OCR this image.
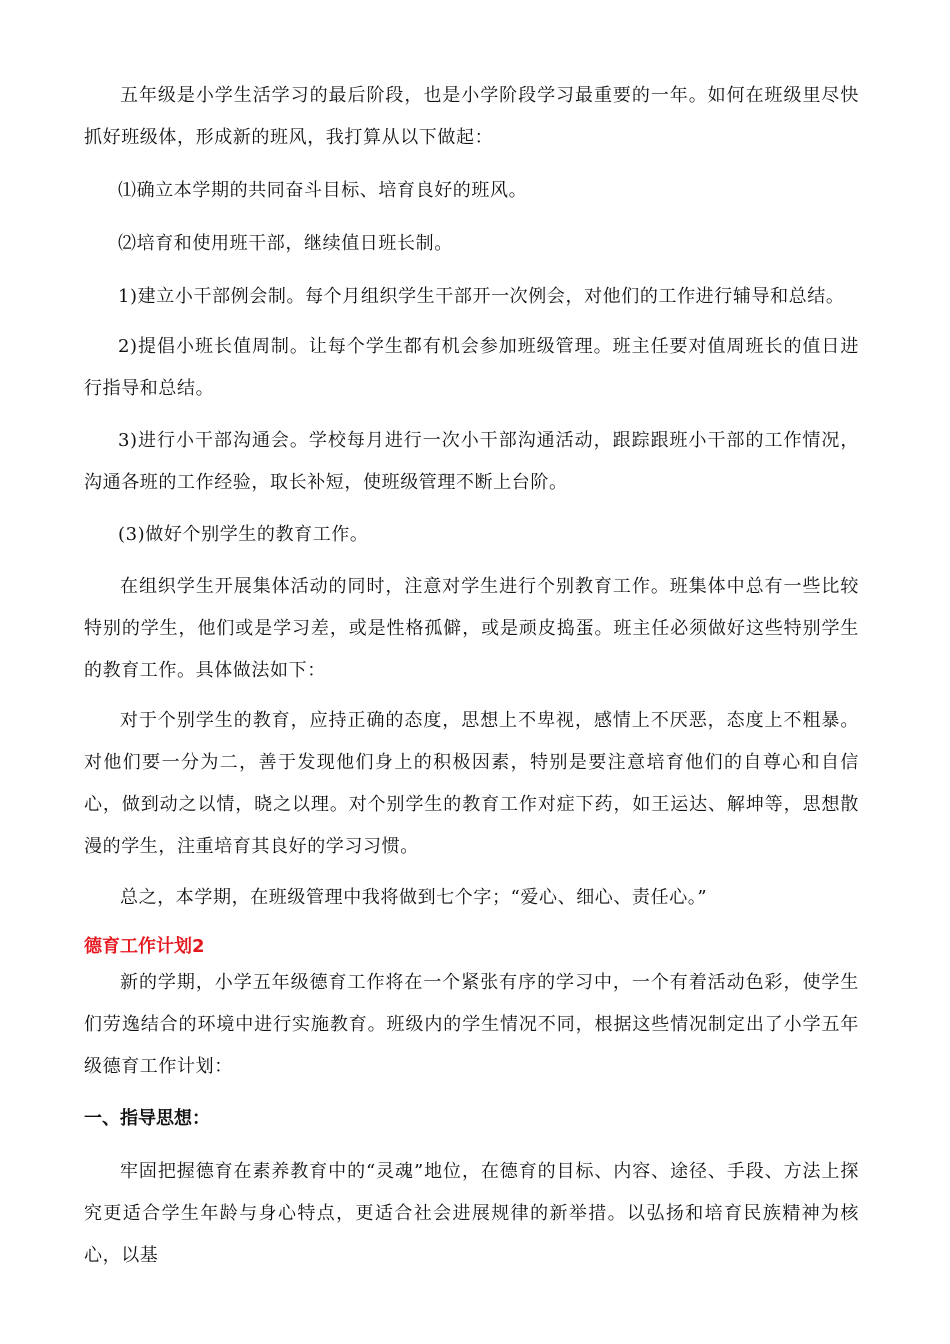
五年级是小学生活学习的最后阶段，也是小学阶段学习最重要的一年。如何在班级里尽快抓好班级体，形成新的班风，我打算从以下做起：

⑴确立本学期的共同奋斗目标、培育良好的班风。

⑵培育和使用班干部，继续值日班长制。

1)建立小干部例会制。每个月组织学生干部开一次例会，对他们的工作进行辅导和总结。

2)提倡小班长值周制。让每个学生都有机会参加班级管理。班主任要对值周班长的值日进行指导和总结。

3)进行小干部沟通会。学校每月进行一次小干部沟通活动，跟踪跟班小干部的工作情况，沟通各班的工作经验，取长补短，使班级管理不断上台阶。

(3)做好个别学生的教育工作。

在组织学生开展集体活动的同时，注意对学生进行个别教育工作。班集体中总有一些比较特别的学生，他们或是学习差，或是性格孤僻，或是顽皮捣蛋。班主任必须做好这些特别学生的教育工作。具体做法如下：

对于个别学生的教育，应持正确的态度，思想上不卑视，感情上不厌恶，态度上不粗暴。对他们要一分为二，善于发现他们身上的积极因素，特别是要注意培育他们的自尊心和自信心，做到动之以情，晓之以理。对个别学生的教育工作对症下药，如王运达、解坤等，思想散漫的学生，注重培育其良好的学习习惯。

总之，本学期，在班级管理中我将做到七个字；“爱心、细心、责任心。”

德育工作计划2

新的学期，小学五年级德育工作将在一个紧张有序的学习中，一个有着活动色彩，使学生们劳逸结合的环境中进行实施教育。班级内的学生情况不同，根据这些情况制定出了小学五年级德育工作计划：

一、指导思想：

牢固把握德育在素养教育中的“灵魂”地位，在德育的目标、内容、途径、手段、方法上探究更适合学生年龄与身心特点，更适合社会进展规律的新举措。以弘扬和培育民族精神为核心，以基
